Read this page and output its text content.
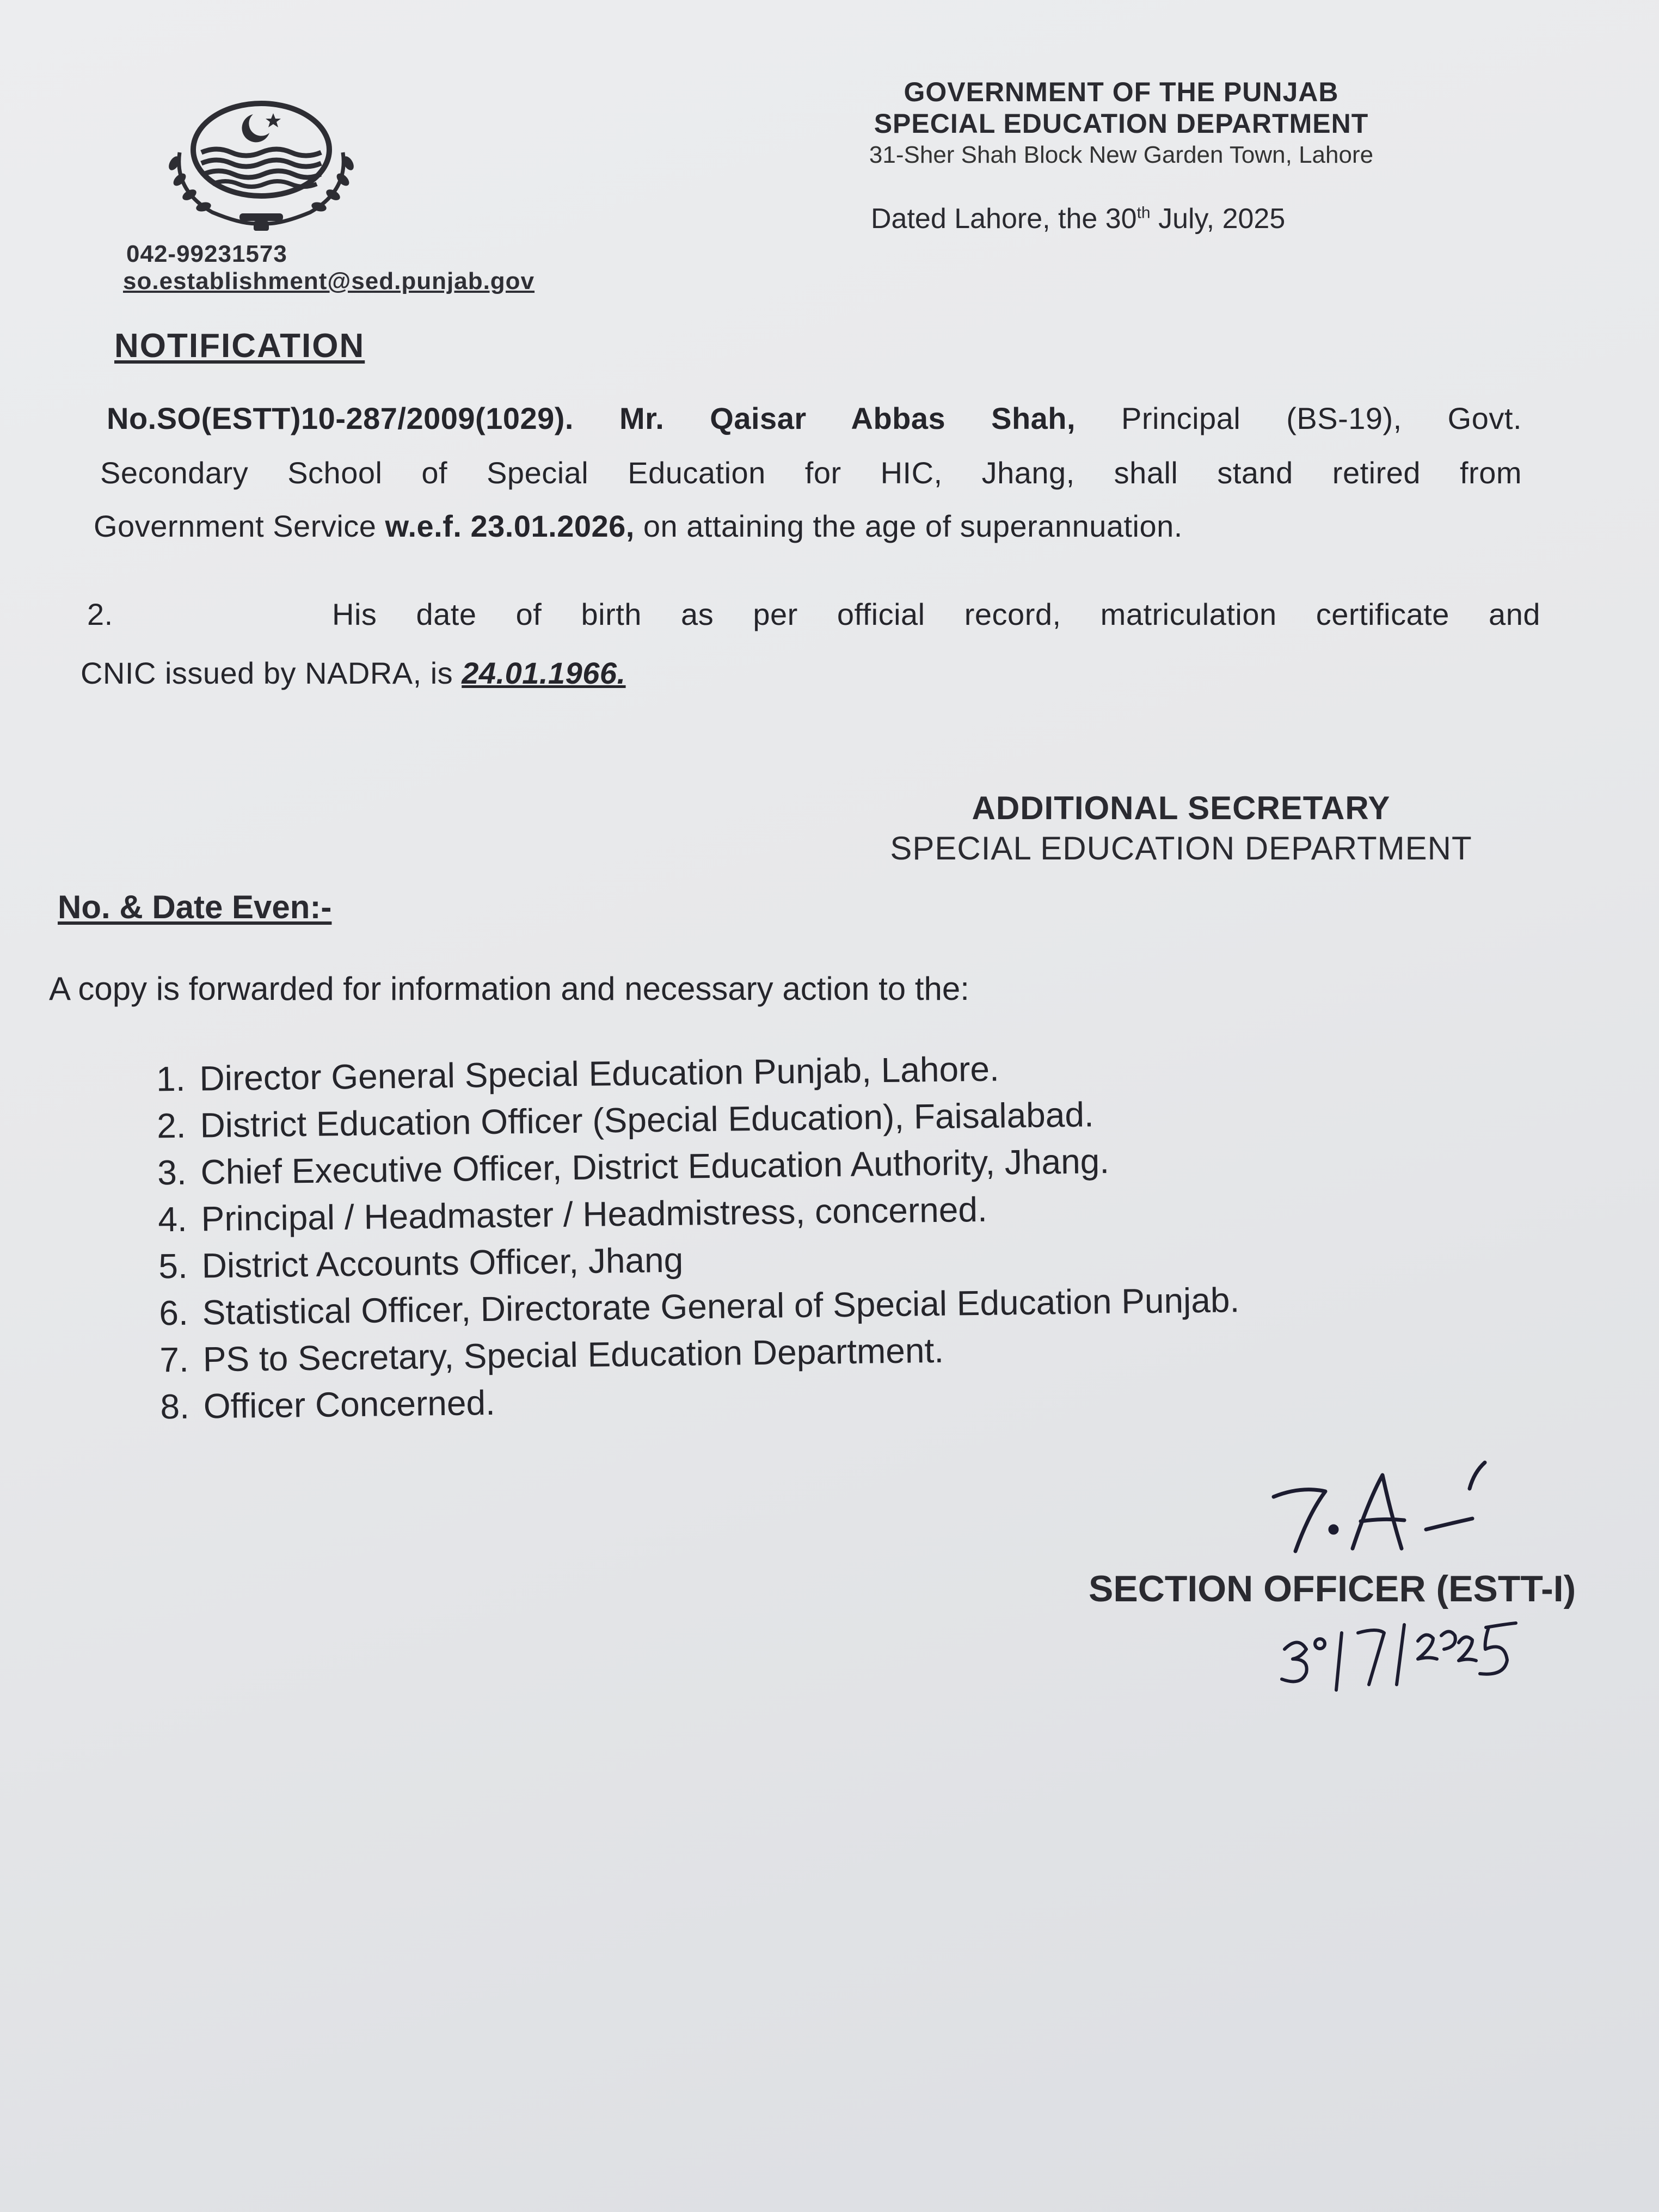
GOVERNMENT OF THE PUNJAB
SPECIAL EDUCATION DEPARTMENT
31-Sher Shah Block New Garden Town, Lahore
Dated Lahore, the 30th July, 2025
042-99231573
so.establishment@sed.punjab.gov
NOTIFICATION
No.SO(ESTT)10-287/2009(1029). Mr. Qaisar Abbas Shah, Principal (BS-19), Govt.
Secondary School of Special Education for HIC, Jhang, shall stand retired from
Government Service w.e.f. 23.01.2026, on attaining the age of superannuation.
2.	His date of birth as per official record, matriculation certificate and
CNIC issued by NADRA, is 24.01.1966.
ADDITIONAL SECRETARY
SPECIAL EDUCATION DEPARTMENT
No. & Date Even:-
A copy is forwarded for information and necessary action to the:
1. Director General Special Education Punjab, Lahore.
2. District Education Officer (Special Education), Faisalabad.
3. Chief Executive Officer, District Education Authority, Jhang.
4. Principal / Headmaster / Headmistress, concerned.
5. District Accounts Officer, Jhang
6. Statistical Officer, Directorate General of Special Education Punjab.
7. PS to Secretary, Special Education Department.
8. Officer Concerned.
SECTION OFFICER (ESTT-I)
